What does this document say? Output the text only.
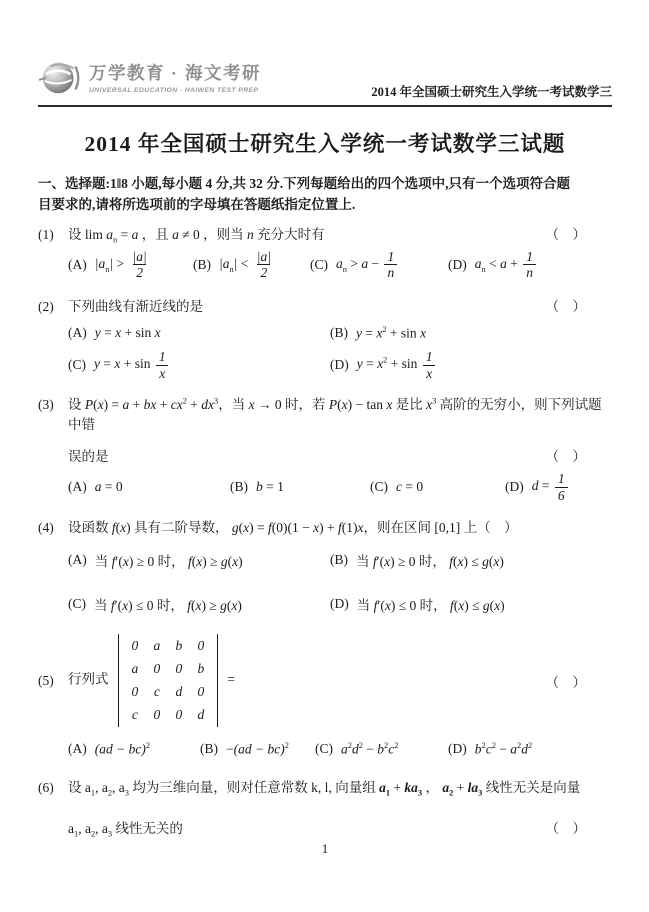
万学教育 · 海文考研
UNIVERSAL EDUCATION · HAIWEN TEST PREP	2014 年全国硕士研究生入学统一考试数学三
2014 年全国硕士研究生入学统一考试数学三试题

一、选择题:1‖8 小题,每小题 4 分,共 32 分.下列每题给出的四个选项中,只有一个选项符合题
目要求的,请将所选项前的字母填在答题纸指定位置上.

(1)	设 $\lim a_n = a$ ，且 a ≠ 0 ，则当 n 充分大时有	（    ）
(A) $|a_n| > \frac{|a|}{2}$	(B) $|a_n| < \frac{|a|}{2}$	(C) $a_n > a - \frac{1}{n}$	(D) $a_n < a + \frac{1}{n}$
(2)	下列曲线有渐近线的是	（    ）
(A) y = x + sin x	(B) $y = x^2 + \sin x$
(C) $y = x + \sin \frac{1}{x}$	(D) $y = x^2 + \sin \frac{1}{x}$
(3)	设 P(x) = a + bx + $cx^2 + dx^3$，当 x → 0 时，若 P(x) − tan x 是比 $x^3$ 高阶的无穷小，则下列试题中错
误的是	（    ）
(A) a = 0	(B) b = 1	(C) c = 0	(D) $d = \frac{1}{6}$
(4)	设函数 f(x) 具有二阶导数， g(x) = f(0)(1 − x) + f(1)x，则在区间 [0,1] 上（　）
(A) 当 f′(x) ≥ 0 时， f(x) ≥ g(x)	(B) 当 f′(x) ≥ 0 时， f(x) ≤ g(x)
(C) 当 f′(x) ≤ 0 时， f(x) ≥ g(x)	(D) 当 f′(x) ≤ 0 时， f(x) ≤ g(x)
(5)	行列式
0 a b 0
a 0 0 b
0 c d 0
c 0 0 d
=	（    ）
(A) (ad − bc)$^2$	(B) −(ad − bc)$^2$ (C) $a^2d^2 - b^2c^2$	(D) $b^2c^2 - a^2d^2$
(6)	设 $a_1$, $a_2$, $a_3$ 均为三维向量，则对任意常数 k, l, 向量组 $a_1 + ka_3$ ， $a_2 + la_3$ 线性无关是向量
$a_1$, $a_2$, $a_3$ 线性无关的	（    ）
1
